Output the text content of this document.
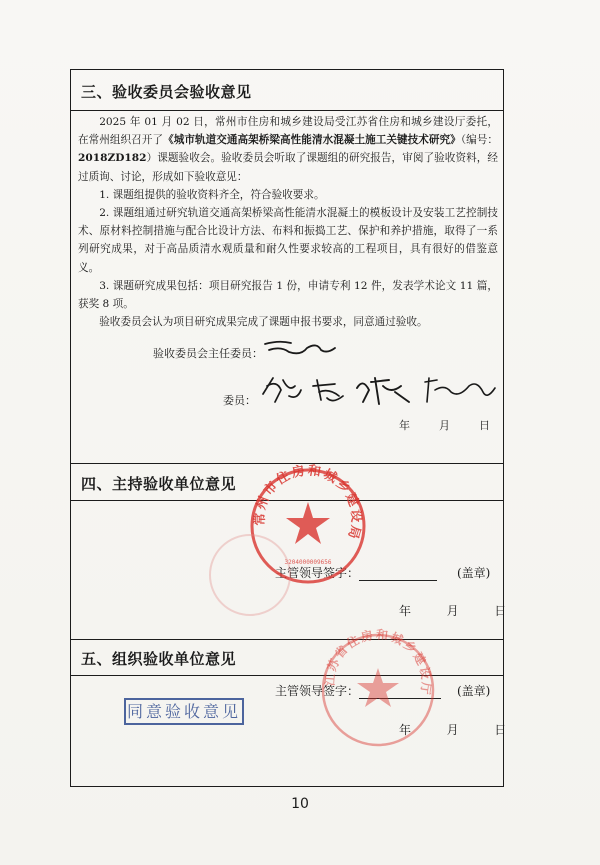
三、验收委员会验收意见

2025 年 01 月 02 日，常州市住房和城乡建设局受江苏省住房和城乡建设厅委托，在常州组织召开了《城市轨道交通高架桥梁高性能清水混凝土施工关键技术研究》（编号：2018ZD182）课题验收会。验收委员会听取了课题组的研究报告，审阅了验收资料，经过质询、讨论，形成如下验收意见：

1. 课题组提供的验收资料齐全，符合验收要求。

2. 课题组通过研究轨道交通高架桥梁高性能清水混凝土的模板设计及安装工艺控制技术、原材料控制措施与配合比设计方法、布料和振捣工艺、保护和养护措施，取得了一系列研究成果，对于高品质清水观质量和耐久性要求较高的工程项目，具有很好的借鉴意义。

3. 课题研究成果包括：项目研究报告 1 份，申请专利 12 件，发表学术论文 11 篇，获奖 8 项。

验收委员会认为项目研究成果完成了课题申报书要求，同意通过验收。

验收委员会主任委员：
委员：
年	月	日
四、主持验收单位意见
主管领导签字：	(盖章)
年	月	日
五、组织验收单位意见
主管领导签字：	(盖章)
年	月	日
常州市住房和城乡建设局
3204000009656
江苏省住房和城乡建设厅
同意验收意见
10
